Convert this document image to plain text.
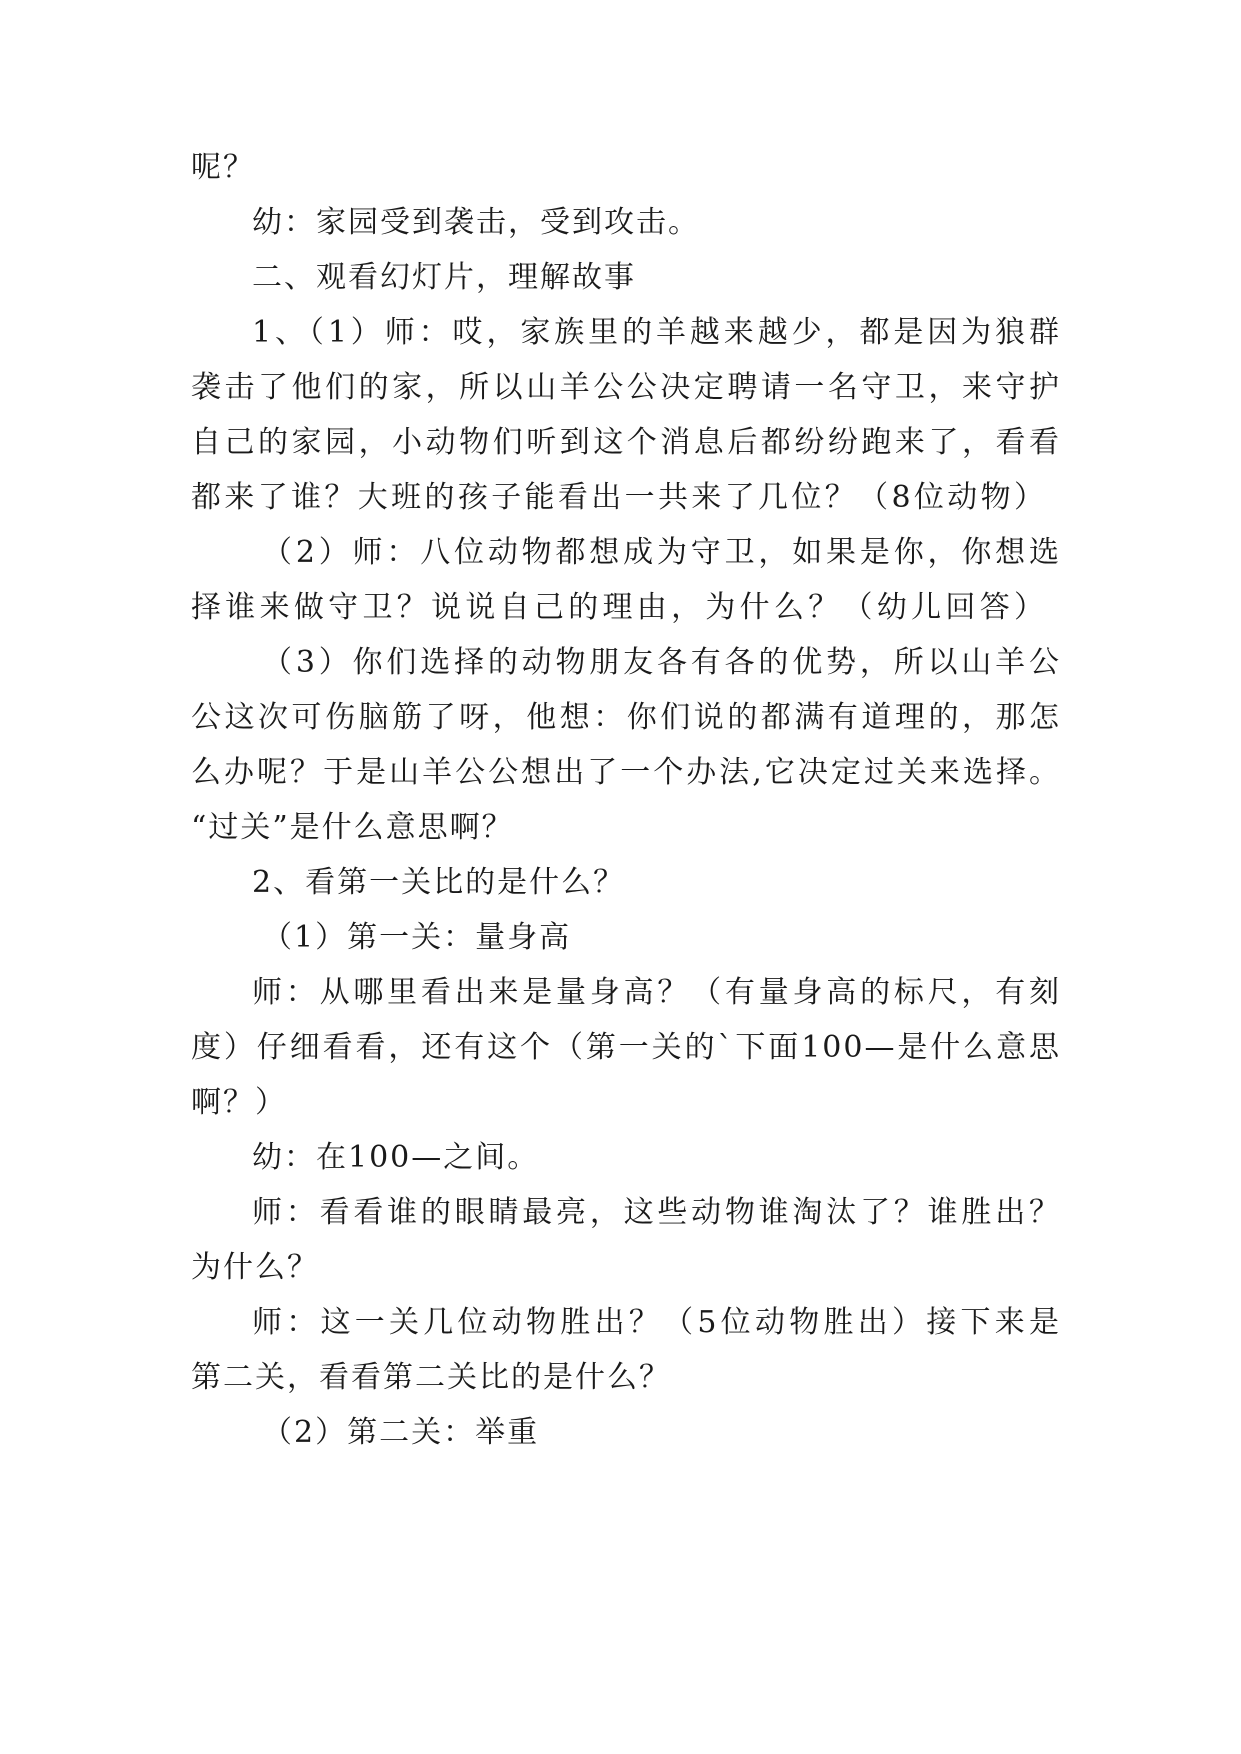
呢？
幼：家园受到袭击，受到攻击。
二、观看幻灯片，理解故事
1、（1）师：哎，家族里的羊越来越少，都是因为狼群
袭击了他们的家，所以山羊公公决定聘请一名守卫，来守护
自己的家园，小动物们听到这个消息后都纷纷跑来了，看看
都来了谁？大班的孩子能看出一共来了几位？（8位动物）
（2）师：八位动物都想成为守卫，如果是你，你想选
择谁来做守卫？说说自己的理由，为什么？（幼儿回答）
（3）你们选择的动物朋友各有各的优势，所以山羊公
公这次可伤脑筋了呀，他想：你们说的都满有道理的，那怎
么办呢？于是山羊公公想出了一个办法,它决定过关来选择。
“过关”是什么意思啊？
2、看第一关比的是什么？
（1）第一关：量身高
师：从哪里看出来是量身高？（有量身高的标尺，有刻
度）仔细看看，还有这个（第一关的`下面100—是什么意思
啊？）
幼：在100—之间。
师：看看谁的眼睛最亮，这些动物谁淘汰了？谁胜出？
为什么？
师：这一关几位动物胜出？（5位动物胜出）接下来是
第二关，看看第二关比的是什么？
（2）第二关：举重
